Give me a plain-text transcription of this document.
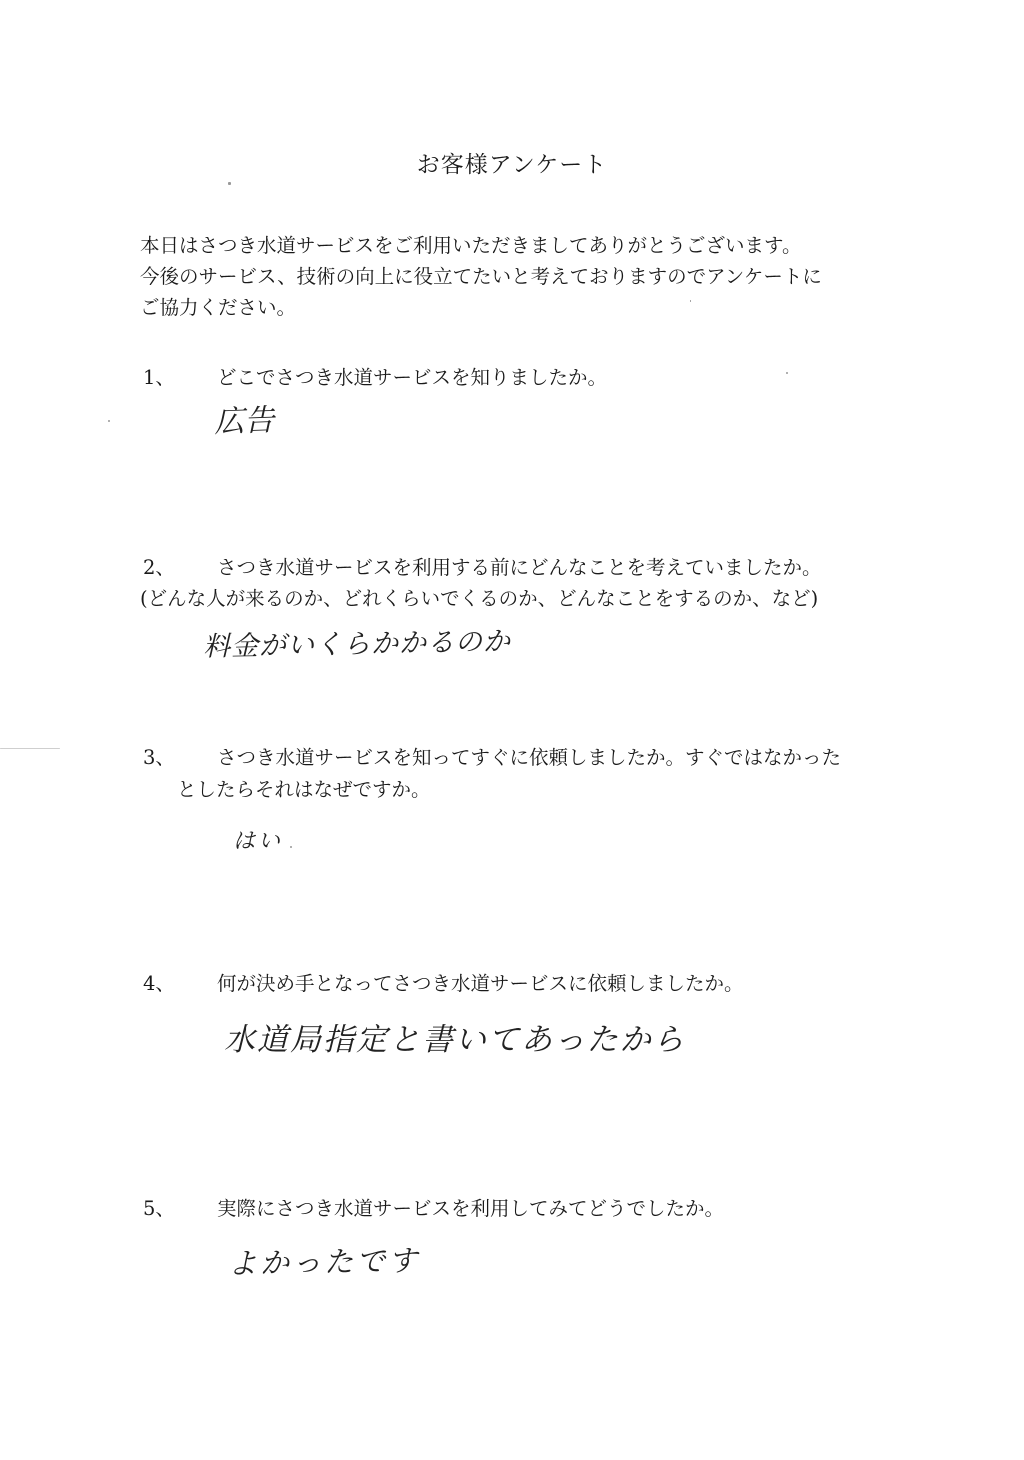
お客様アンケート
本日はさつき水道サービスをご利用いただきましてありがとうございます。
今後のサービス、技術の向上に役立てたいと考えておりますのでアンケートに
ご協力ください。
1、 どこでさつき水道サービスを知りましたか。
広告
2、 さつき水道サービスを利用する前にどんなことを考えていましたか。
(どんな人が来るのか、どれくらいでくるのか、どんなことをするのか、など)
料金がいくらかかるのか
3、 さつき水道サービスを知ってすぐに依頼しましたか。すぐではなかった
としたらそれはなぜですか。
はい
4、 何が決め手となってさつき水道サービスに依頼しましたか。
水道局指定と書いてあったから
5、 実際にさつき水道サービスを利用してみてどうでしたか。
よかったです
